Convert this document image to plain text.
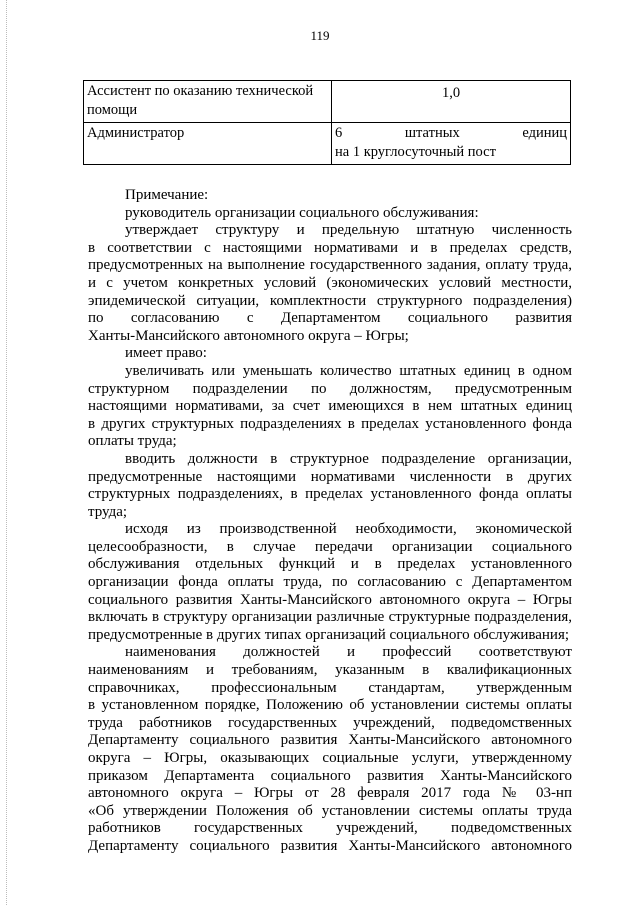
119
Ассистент по оказанию технической
помощи	1,0

Администратор	6 штатных единиц
на 1 круглосуточный пост
Примечание:
руководитель организации социального обслуживания:
утверждает структуру и предельную штатную численность
в соответствии с настоящими нормативами и в пределах средств,
предусмотренных на выполнение государственного задания, оплату труда,
и с учетом конкретных условий (экономических условий местности,
эпидемической ситуации, комплектности структурного подразделения)
по согласованию с Департаментом социального развития
Ханты-Мансийского автономного округа – Югры;
имеет право:
увеличивать или уменьшать количество штатных единиц в одном
структурном подразделении по должностям, предусмотренным
настоящими нормативами, за счет имеющихся в нем штатных единиц
в других структурных подразделениях в пределах установленного фонда
оплаты труда;
вводить должности в структурное подразделение организации,
предусмотренные настоящими нормативами численности в других
структурных подразделениях, в пределах установленного фонда оплаты
труда;
исходя из производственной необходимости, экономической
целесообразности, в случае передачи организации социального
обслуживания отдельных функций и в пределах установленного
организации фонда оплаты труда, по согласованию с Департаментом
социального развития Ханты-Мансийского автономного округа – Югры
включать в структуру организации различные структурные подразделения,
предусмотренные в других типах организаций социального обслуживания;
наименования должностей и профессий соответствуют
наименованиям и требованиям, указанным в квалификационных
справочниках, профессиональным стандартам, утвержденным
в установленном порядке, Положению об установлении системы оплаты
труда работников государственных учреждений, подведомственных
Департаменту социального развития Ханты-Мансийского автономного
округа – Югры, оказывающих социальные услуги, утвержденному
приказом Департамента социального развития Ханты-Мансийского
автономного округа – Югры от 28 февраля 2017 года № 03-нп
«Об утверждении Положения об установлении системы оплаты труда
работников государственных учреждений, подведомственных
Департаменту социального развития Ханты-Мансийского автономного
